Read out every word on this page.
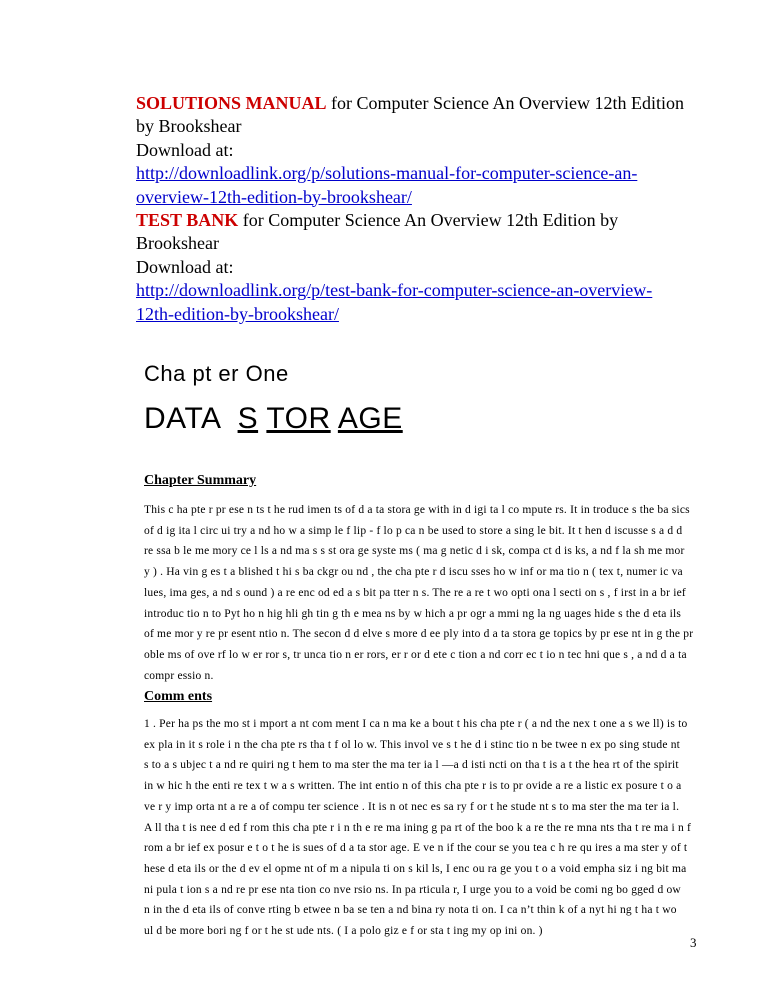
SOLUTIONS MANUAL for Computer Science An Overview 12th Edition
by Brookshear
Download at:
http://downloadlink.org/p/solutions-manual-for-computer-science-an-
overview-12th-edition-by-brookshear/
TEST BANK for Computer Science An Overview 12th Edition by
Brookshear
Download at:
http://downloadlink.org/p/test-bank-for-computer-science-an-overview-
12th-edition-by-brookshear/
Cha pt er One
DATA S TOR AGE
Chapter Summary
This c ha pte r pr ese n ts t he rud imen ts of d a ta stora ge with in d igi ta l co mpute rs. It in troduce s the ba sics
of d ig ita l circ ui try a nd ho w a simp le f lip - f lo p ca n be used to store a sing le bit. It t hen d iscusse s a d d
re ssa b le me mory ce l ls a nd ma s s st ora ge syste ms ( ma g netic d i sk, compa ct d is ks, a nd f la sh me mor
y ) . Ha vin g es t a blished t hi s ba ckgr ou nd , the cha pte r d iscu sses ho w inf or ma tio n ( tex t, numer ic va
lues, ima ges, a nd s ound ) a re enc od ed a s bit pa tter n s. The re a re t wo opti ona l secti on s , f irst in a br ief
introduc tio n to Pyt ho n hig hli gh tin g th e mea ns by w hich a pr ogr a mmi ng la ng uages hide s the d eta ils
of me mor y re pr esent ntio n. The secon d d elve s more d ee ply into d a ta stora ge topics by pr ese nt in g the pr
oble ms of ove rf lo w er ror s, tr unca tio n er rors, er r or d ete c tion a nd corr ec t io n tec hni que s , a nd d a ta
compr essio n.
Comm ents
1 . Per ha ps the mo st i mport a nt com ment I ca n ma ke a bout t his cha pte r ( a nd the nex t one a s we ll) is to
ex pla in it s role i n the cha pte rs tha t f ol lo w. This invol ve s t he d i stinc tio n be twee n ex po sing stude nt
s to a s ubjec t a nd re quiri ng t hem to ma ster the ma ter ia l —a d isti ncti on tha t is a t the hea rt of the spirit
in w hic h the enti re tex t w a s written. The int entio n of this cha pte r is to pr ovide a re a listic ex posure t o a
ve r y imp orta nt a re a of compu ter science . It is n ot nec es sa ry f or t he stude nt s to ma ster the ma ter ia l.
A ll tha t is nee d ed f rom this cha pte r i n th e re ma ining g pa rt of the boo k a re the re mna nts tha t re ma i n f
rom a br ief ex posur e t o t he is sues of d a ta stor age. E ve n if the cour se you tea c h re qu ires a ma ster y of t
hese d eta ils or the d ev el opme nt of m a nipula ti on s kil ls, I enc ou ra ge you t o a void empha siz i ng bit ma
ni pula t ion s a nd re pr ese nta tion co nve rsio ns. In pa rticula r, I urge you to a void be comi ng bo gged d ow
n in the d eta ils of conve rting b etwee n ba se ten a nd bina ry nota ti on. I ca n’t thin k of a nyt hi ng t ha t wo
ul d be more bori ng f or t he st ude nts. ( I a polo giz e f or sta t ing my op ini on. )
3
